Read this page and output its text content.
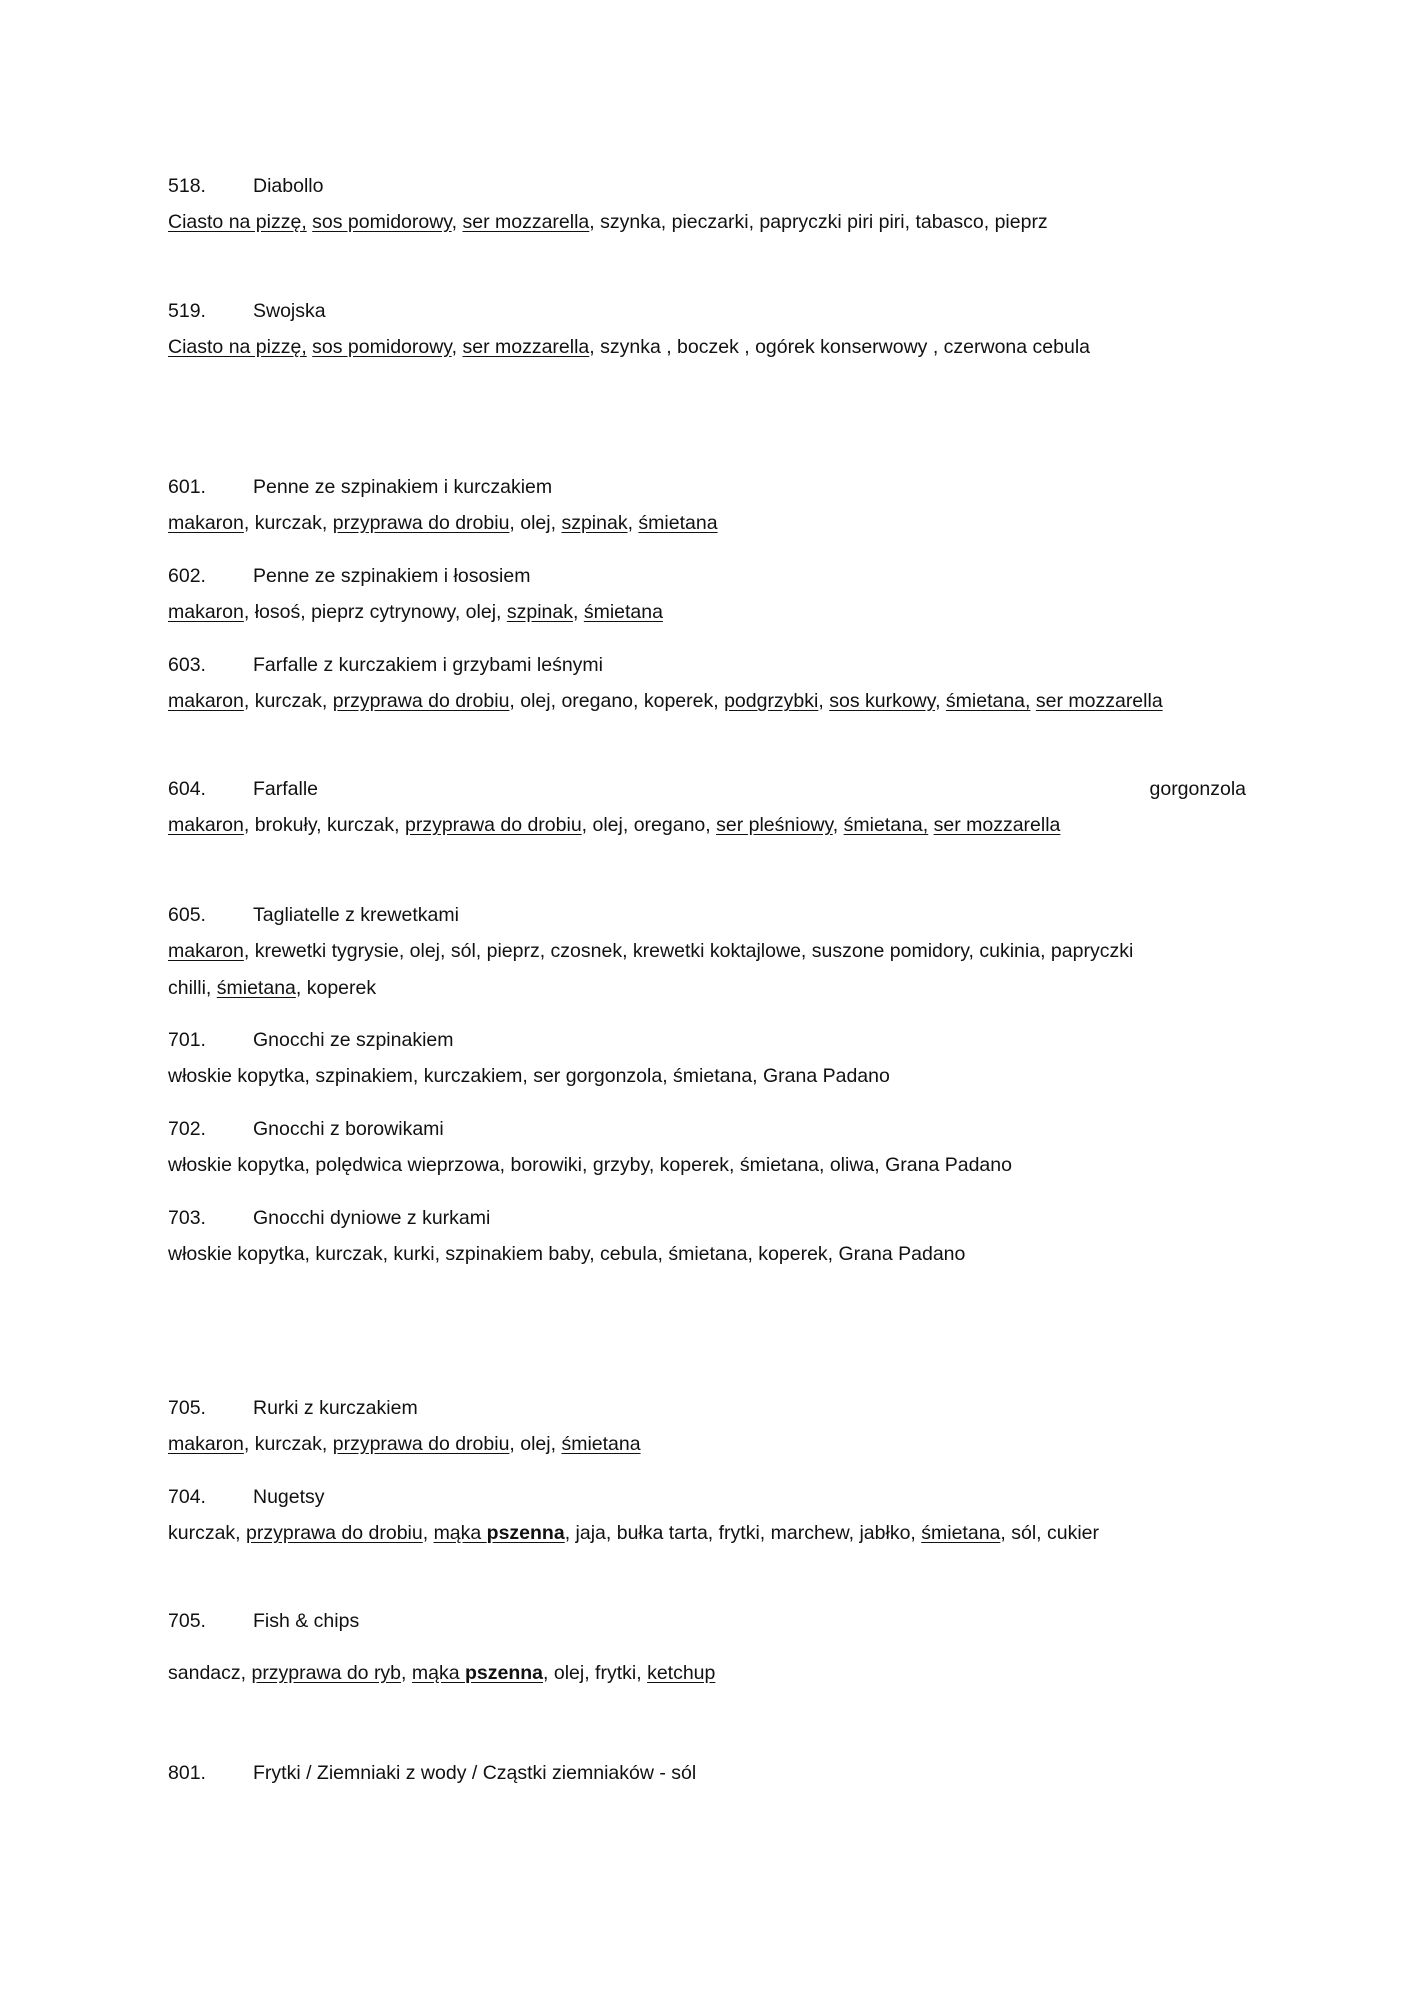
518. Diabollo
Ciasto na pizzę, sos pomidorowy, ser mozzarella, szynka, pieczarki, papryczki piri piri, tabasco, pieprz
519. Swojska
Ciasto na pizzę, sos pomidorowy, ser mozzarella, szynka , boczek , ogórek konserwowy , czerwona cebula
601. Penne ze szpinakiem i kurczakiem
makaron, kurczak, przyprawa do drobiu, olej, szpinak, śmietana
602. Penne ze szpinakiem i łososiem
makaron, łosoś, pieprz cytrynowy, olej, szpinak, śmietana
603. Farfalle z kurczakiem i grzybami leśnymi
makaron, kurczak, przyprawa do drobiu, olej, oregano, koperek, podgrzybki, sos kurkowy, śmietana, ser mozzarella
604. Farfalle	gorgonzola
makaron, brokuły, kurczak, przyprawa do drobiu, olej, oregano, ser pleśniowy, śmietana, ser mozzarella
605. Tagliatelle z krewetkami
makaron, krewetki tygrysie, olej, sól, pieprz, czosnek, krewetki koktajlowe, suszone pomidory, cukinia, papryczki chilli, śmietana, koperek
701. Gnocchi ze szpinakiem
włoskie kopytka, szpinakiem, kurczakiem, ser gorgonzola, śmietana, Grana Padano
702. Gnocchi z borowikami
włoskie kopytka, polędwica wieprzowa, borowiki, grzyby, koperek, śmietana, oliwa, Grana Padano
703. Gnocchi dyniowe z kurkami
włoskie kopytka, kurczak, kurki, szpinakiem baby, cebula, śmietana, koperek, Grana Padano
705. Rurki z kurczakiem
makaron, kurczak, przyprawa do drobiu, olej, śmietana
704. Nugetsy
kurczak, przyprawa do drobiu, mąka pszenna, jaja, bułka tarta, frytki, marchew, jabłko, śmietana, sól, cukier
705. Fish & chips
sandacz, przyprawa do ryb, mąka pszenna, olej, frytki, ketchup
801. Frytki / Ziemniaki z wody / Cząstki ziemniaków - sól
